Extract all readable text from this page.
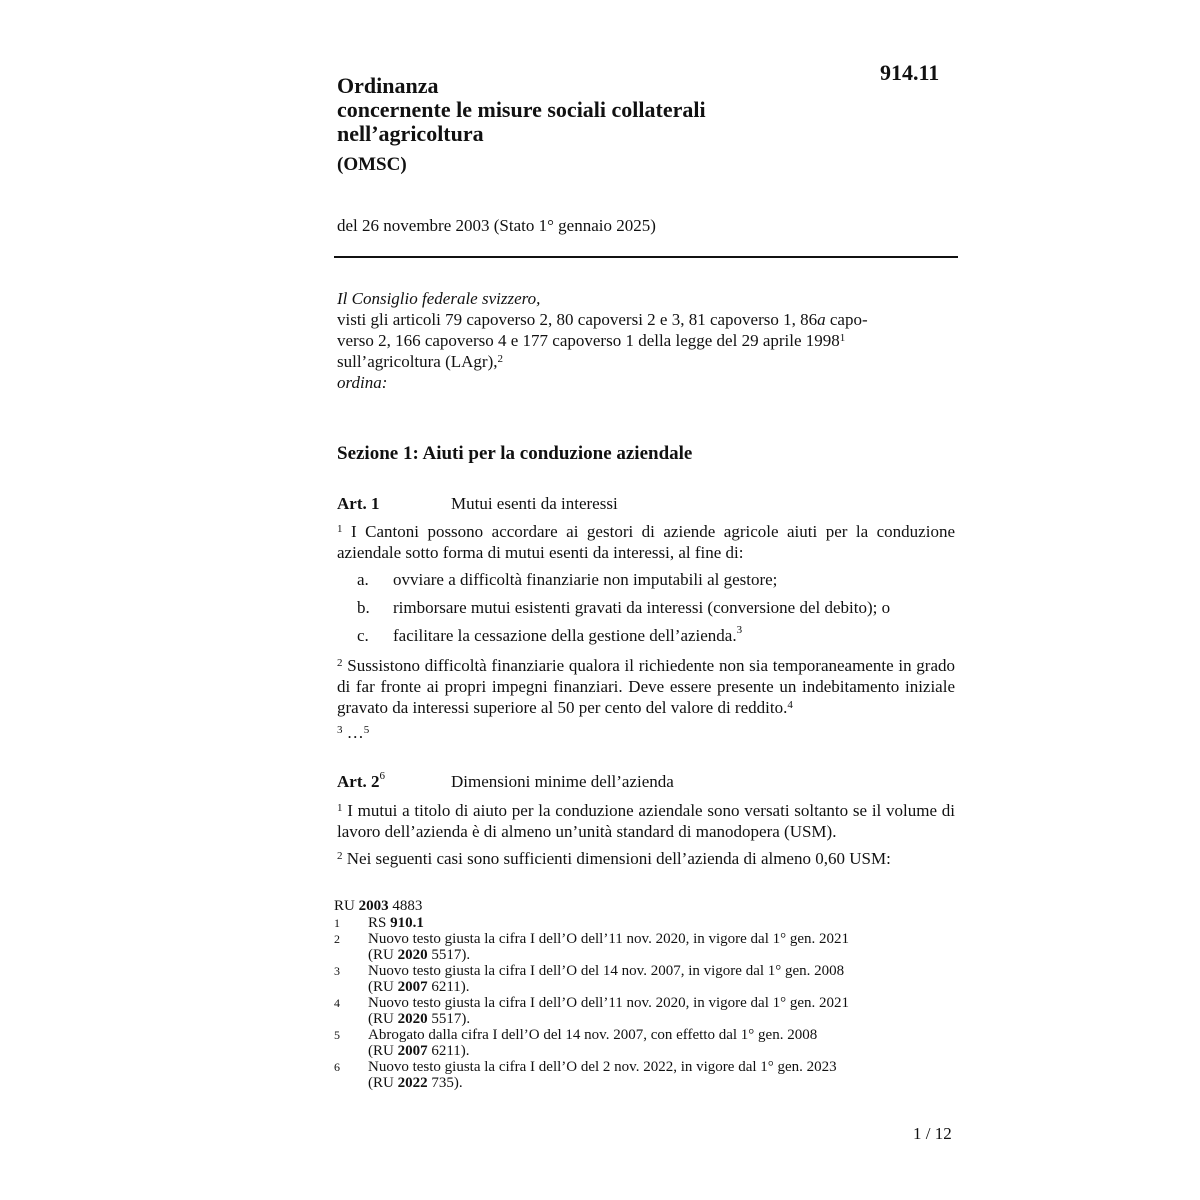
914.11
Ordinanza
concernente le misure sociali collaterali
nell’agricoltura
(OMSC)
del 26 novembre 2003 (Stato 1° gennaio 2025)
Il Consiglio federale svizzero,
visti gli articoli 79 capoverso 2, 80 capoversi 2 e 3, 81 capoverso 1, 86a capo-
verso 2, 166 capoverso 4 e 177 capoverso 1 della legge del 29 aprile 1998$^1$
sull’agricoltura (LAgr),$^2$
ordina:
Sezione 1: Aiuti per la conduzione aziendale
Art. 1	Mutui esenti da interessi
$^1$ I Cantoni possono accordare ai gestori di aziende agricole aiuti per la conduzione aziendale sotto forma di mutui esenti da interessi, al fine di:
a. ovviare a difficoltà finanziarie non imputabili al gestore;
b. rimborsare mutui esistenti gravati da interessi (conversione del debito); o
c. facilitare la cessazione della gestione dell’azienda.$^3$
$^2$ Sussistono difficoltà finanziarie qualora il richiedente non sia temporaneamente in grado di far fronte ai propri impegni finanziari. Deve essere presente un indebitamento iniziale gravato da interessi superiore al 50 per cento del valore di reddito.$^4$
$^3$ …$^5$
Art. $2^6$	Dimensioni minime dell’azienda
$^1$ I mutui a titolo di aiuto per la conduzione aziendale sono versati soltanto se il volume di lavoro dell’azienda è di almeno un’unità standard di manodopera (USM).
$^2$ Nei seguenti casi sono sufficienti dimensioni dell’azienda di almeno 0,60 USM:
RU 2003 4883
1	RS 910.1
2	Nuovo testo giusta la cifra I dell’O dell’11 nov. 2020, in vigore dal 1° gen. 2021
(RU 2020 5517).
3	Nuovo testo giusta la cifra I dell’O del 14 nov. 2007, in vigore dal 1° gen. 2008
(RU 2007 6211).
4	Nuovo testo giusta la cifra I dell’O dell’11 nov. 2020, in vigore dal 1° gen. 2021
(RU 2020 5517).
5	Abrogato dalla cifra I dell’O del 14 nov. 2007, con effetto dal 1° gen. 2008
(RU 2007 6211).
6	Nuovo testo giusta la cifra I dell’O del 2 nov. 2022, in vigore dal 1° gen. 2023
(RU 2022 735).
1 / 12
